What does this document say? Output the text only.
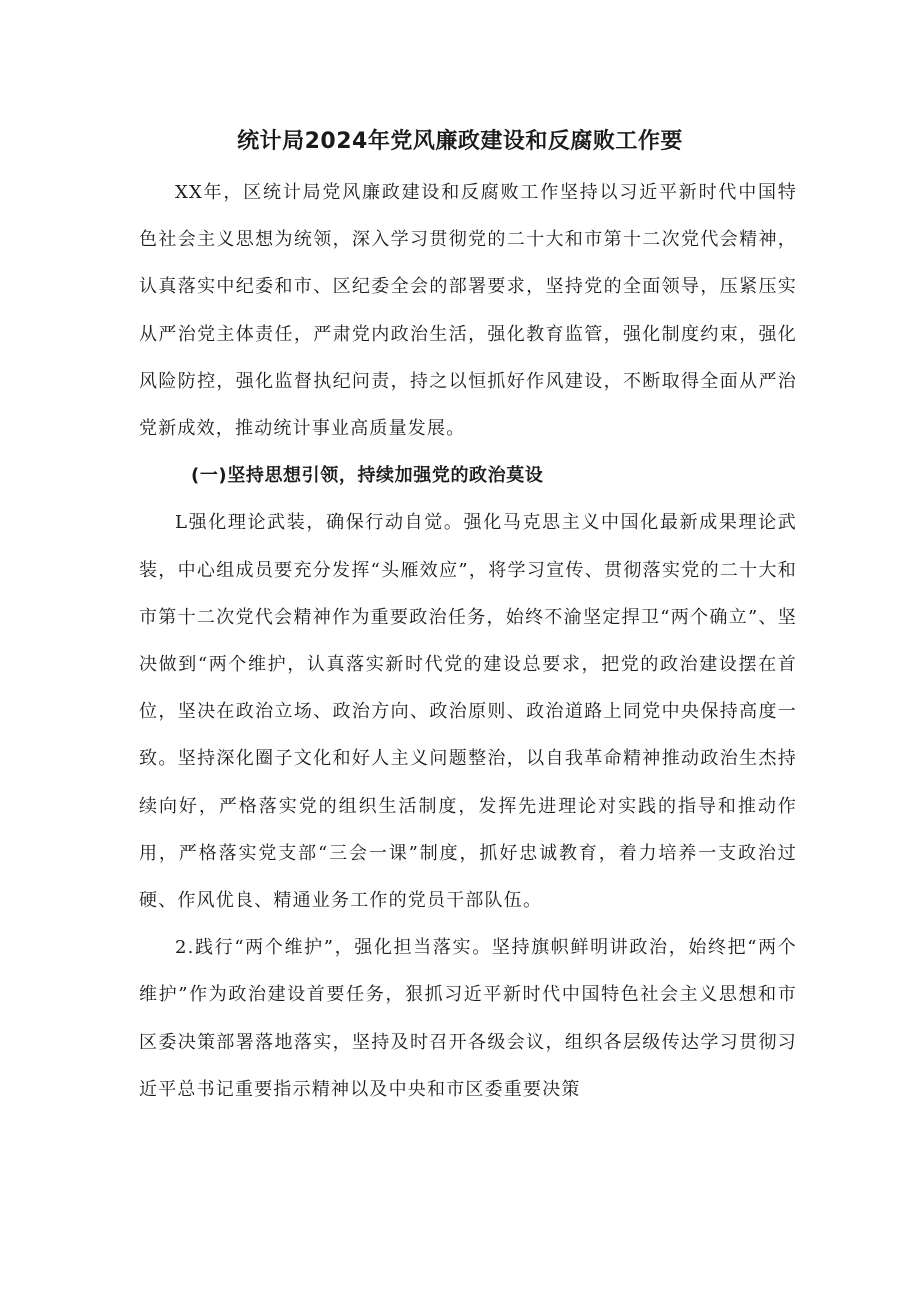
统计局2024年党风廉政建设和反腐败工作要

XX年，区统计局党风廉政建设和反腐败工作坚持以习近平新时代中国特色社会主义思想为统领，深入学习贯彻党的二十大和市第十二次党代会精神，认真落实中纪委和市、区纪委全会的部署要求，坚持党的全面领导，压紧压实从严治党主体责任，严肃党内政治生活，强化教育监管，强化制度约束，强化风险防控，强化监督执纪问责，持之以恒抓好作风建设，不断取得全面从严治党新成效，推动统计事业高质量发展。

(一)坚持思想引领，持续加强党的政治莫设

L强化理论武装，确保行动自觉。强化马克思主义中国化最新成果理论武装，中心组成员要充分发挥“头雁效应”，将学习宣传、贯彻落实党的二十大和市第十二次党代会精神作为重要政治任务，始终不渝坚定捍卫“两个确立”、坚决做到“两个维护，认真落实新时代党的建设总要求，把党的政治建设摆在首位，坚决在政治立场、政治方向、政治原则、政治道路上同党中央保持高度一致。坚持深化圈子文化和好人主义问题整治，以自我革命精神推动政治生杰持续向好，严格落实党的组织生活制度，发挥先进理论对实践的指导和推动作用，严格落实党支部“三会一课”制度，抓好忠诚教育，着力培养一支政治过硬、作风优良、精通业务工作的党员干部队伍。

2.践行“两个维护”，强化担当落实。坚持旗帜鲜明讲政治，始终把“两个维护”作为政治建设首要任务，狠抓习近平新时代中国特色社会主义思想和市区委决策部署落地落实，坚持及时召开各级会议，组织各层级传达学习贯彻习近平总书记重要指示精神以及中央和市区委重要决策
